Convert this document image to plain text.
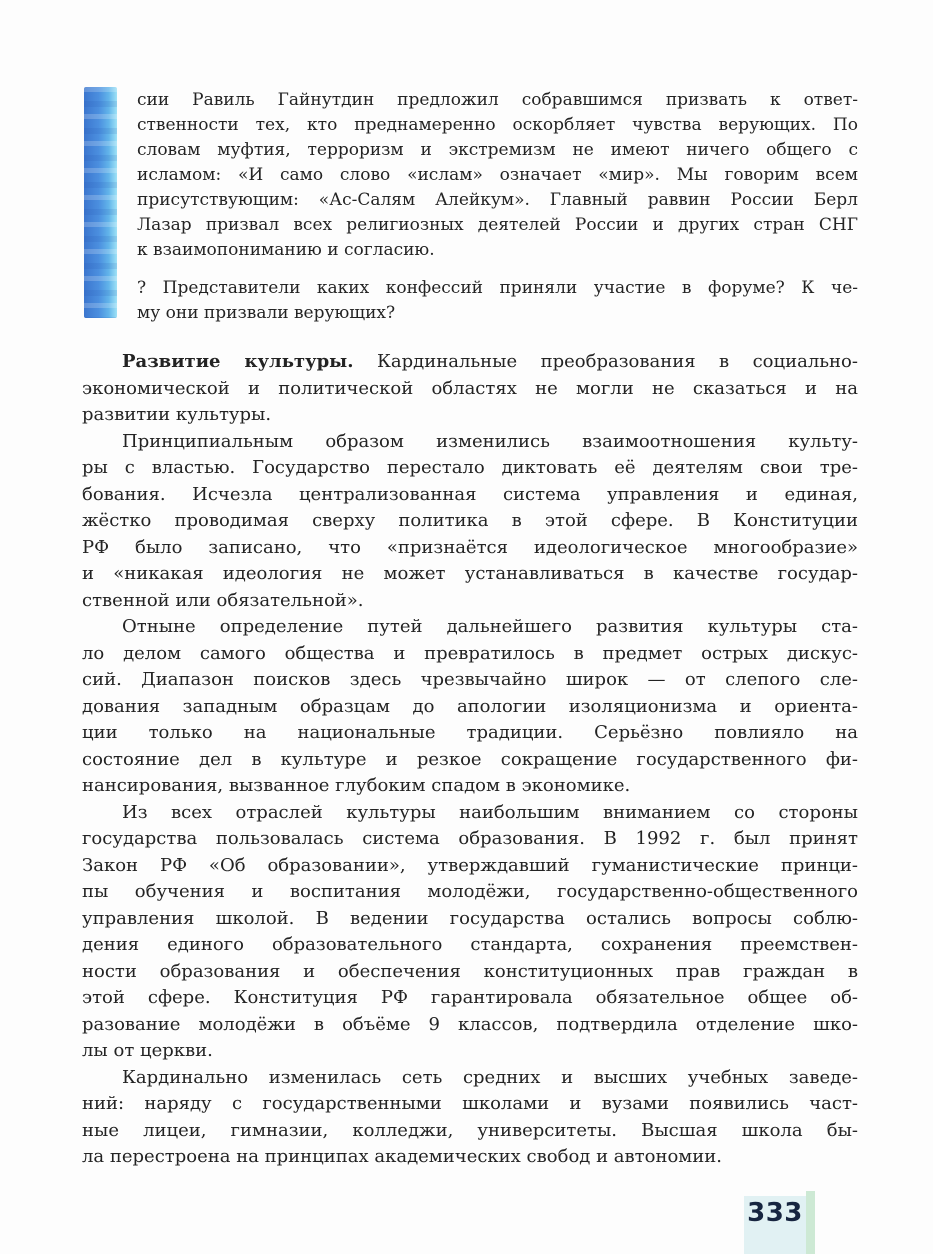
сии Равиль Гайнутдин предложил собравшимся призвать к ответ-
ственности тех, кто преднамеренно оскорбляет чувства верующих. По
словам муфтия, терроризм и экстремизм не имеют ничего общего с
исламом: «И само слово «ислам» означает «мир». Мы говорим всем
присутствующим: «Ас-Салям Алейкум». Главный раввин России Берл
Лазар призвал всех религиозных деятелей России и других стран СНГ
к взаимопониманию и согласию.
? Представители каких конфессий приняли участие в форуме? К че-
му они призвали верующих?
Развитие культуры. Кардинальные преобразования в социально-
экономической и политической областях не могли не сказаться и на
развитии культуры.
Принципиальным образом изменились взаимоотношения культу-
ры с властью. Государство перестало диктовать её деятелям свои тре-
бования. Исчезла централизованная система управления и единая,
жёстко проводимая сверху политика в этой сфере. В Конституции
РФ было записано, что «признаётся идеологическое многообразие»
и «никакая идеология не может устанавливаться в качестве государ-
ственной или обязательной».
Отныне определение путей дальнейшего развития культуры ста-
ло делом самого общества и превратилось в предмет острых дискус-
сий. Диапазон поисков здесь чрезвычайно широк — от слепого сле-
дования западным образцам до апологии изоляционизма и ориента-
ции только на национальные традиции. Серьёзно повлияло на
состояние дел в культуре и резкое сокращение государственного фи-
нансирования, вызванное глубоким спадом в экономике.
Из всех отраслей культуры наибольшим вниманием со стороны
государства пользовалась система образования. В 1992 г. был принят
Закон РФ «Об образовании», утверждавший гуманистические принци-
пы обучения и воспитания молодёжи, государственно-общественного
управления школой. В ведении государства остались вопросы соблю-
дения единого образовательного стандарта, сохранения преемствен-
ности образования и обеспечения конституционных прав граждан в
этой сфере. Конституция РФ гарантировала обязательное общее об-
разование молодёжи в объёме 9 классов, подтвердила отделение шко-
лы от церкви.
Кардинально изменилась сеть средних и высших учебных заведе-
ний: наряду с государственными школами и вузами появились част-
ные лицеи, гимназии, колледжи, университеты. Высшая школа бы-
ла перестроена на принципах академических свобод и автономии.
333
